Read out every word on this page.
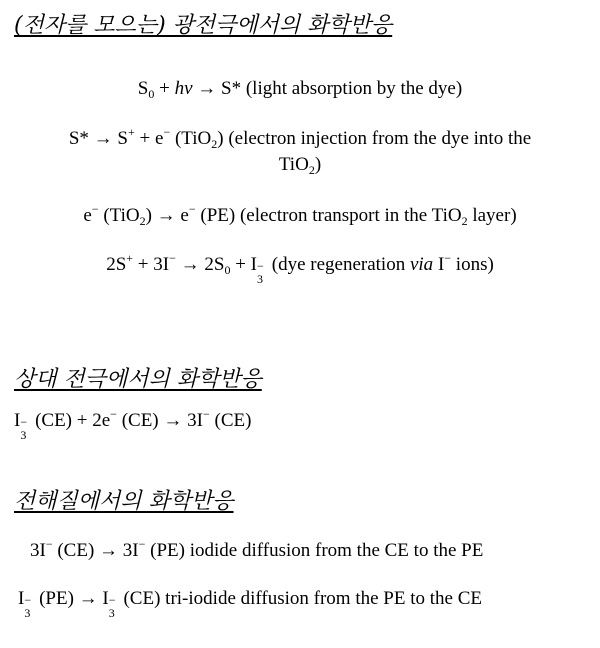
(전자를 모으는) 광전극에서의 화학반응
$S_0$ + hv → S* (light absorption by the dye)
S* → S+ + e− (TiO$_2$) (electron injection from the dye into the
TiO$_2$)
e− (TiO$_2$) → e− (PE) (electron transport in the TiO$_2$ layer)
$2S^+ + 3I^- \to 2S_0 + I$ −
3
(dye regeneration via I− ions)
상대 전극에서의 화학반응
I −
3
(CE) + 2e− (CE) → 3I− (CE)
전해질에서의 화학반응
3I− (CE) → 3I− (PE) iodide diffusion from the CE to the PE
I −
3
(PE) → I −
3
(CE) tri-iodide diffusion from the PE to the CE
